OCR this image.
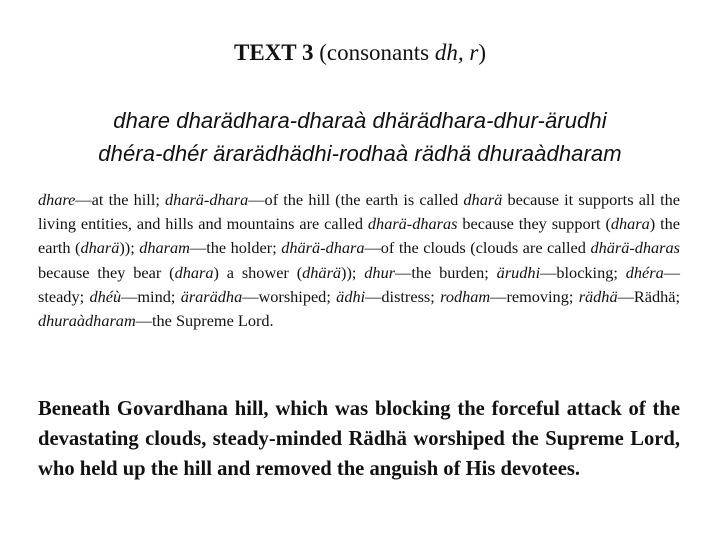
TEXT 3 (consonants dh, r)
dhare dharädhara-dharaà dhärädhara-dhur-ärudhi
dhéra-dhér ärarädhädhi-rodhaà rädhä dhuraàdharam
dhare—at the hill; dharä-dhara—of the hill (the earth is called dharä because it supports all the living entities, and hills and mountains are called dharä-dharas because they support (dhara) the earth (dharä)); dharam—the holder; dhärä-dhara—of the clouds (clouds are called dhärä-dharas because they bear (dhara) a shower (dhärä)); dhur—the burden; ärudhi—blocking; dhéra—steady; dhéù—mind; ärarädha—worshiped; ädhi—distress; rodham—removing; rädhä—Rädhä; dhuraàdharam—the Supreme Lord.
Beneath Govardhana hill, which was blocking the forceful attack of the devastating clouds, steady-minded Rädhä worshiped the Supreme Lord, who held up the hill and removed the anguish of His devotees.
